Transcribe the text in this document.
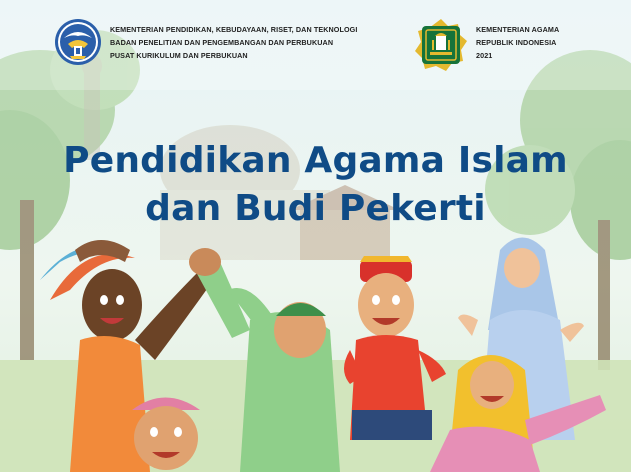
KEMENTERIAN PENDIDIKAN, KEBUDAYAAN, RISET, DAN TEKNOLOGI
BADAN PENELITIAN DAN PENGEMBANGAN DAN PERBUKUAN
PUSAT KURIKULUM DAN PERBUKUAN
KEMENTERIAN AGAMA
REPUBLIK INDONESIA
2021
Pendidikan Agama Islam
dan Budi Pekerti
